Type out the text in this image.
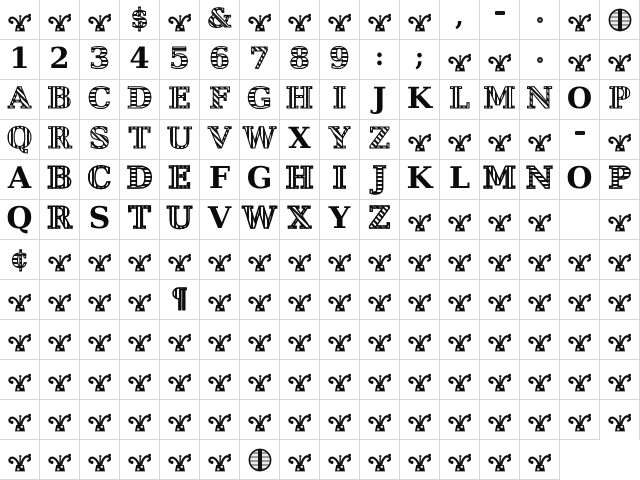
$ &	,
1 2 3 4 5 6 7 8 9 : ;
A B C D E F G H I J K L M N O P
Q R S T U V W X Y Z
A B C D E F G H I J K L M N O P
Q R S T U V W X Y Z
¢
¶
